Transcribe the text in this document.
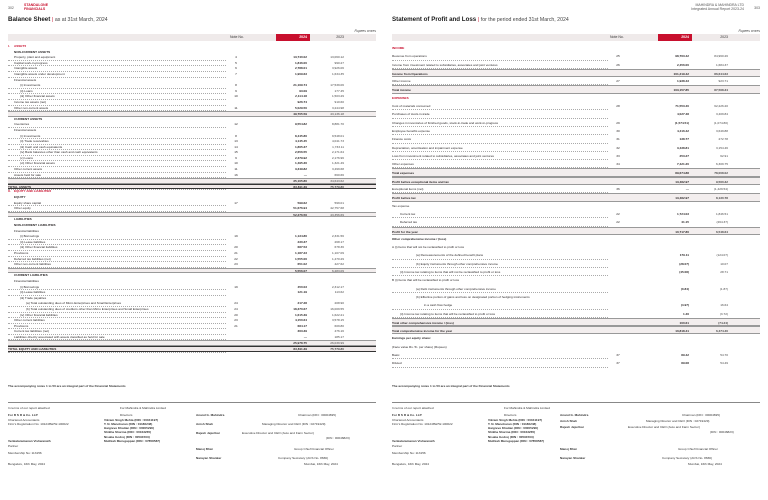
302
STANDALONE
FINANCIALS
Balance Sheet | as at 31st March, 2024
Rupees crores
Note No.	2024	2023
I.	ASSETS
NON-CURRENT ASSETS
Property, plant and equipment	4	13,740.02	13,060.12
Capital work-in-progress	5	1,846.00	990.27
Intangible assets	6	2,788.01	3,926.06
Intangible assets under development	7	1,909.63	1,634.35
Financial assets
(i) Investments	8	21,169.74	17,539.06
(ii) Loans	9	93.09	177.45
(iii) Other financial assets	10	2,114.18	1,503.29
Income tax assets (net)	926.74	910.60
Other non-current assets	11	5,029.50	3,244.98
49,705.59	43,136.18
CURRENT ASSETS
Inventories	12	9,554.82	8,881.70
Financial assets
(i) Investments	8	8,445.86	9,548.01
(ii) Trade receivables	13	4,145.45	4,041.73
(iii) Cash and cash equivalents	14	1,865.37	1,733.11
(iv) Bank balances other than cash and cash equivalents	15	2,656.55	2,171.64
(v) Loans	9	2,379.92	2,176.96
(vi) Other financial assets	10	1,495.36	1,321.49
Other current assets	11	3,349.82	3,499.68
Assets held for sale	16	—	660.66
35,105.80	34,643.62
TOTAL ASSETS	83,811.39	75,779.80
II.	EQUITY AND LIABILITIES
EQUITY
Equity share capital	17	599.62	599.01
Other equity	51,676.94	42,757.68
52,276.56	43,356.69
LIABILITIES
NON-CURRENT LIABILITIES
Financial liabilities
(i) Borrowings	19	1,134.86	2,331.56
(ii) Lease liabilities	230.37	268.17
(iii) Other financial liabilities	20	687.53	678.36
Provisions	21	1,187.23	1,107.09
Deferred tax liabilities (net)	22	1,555.06	1,470.29
Other non-current liabilities	23	651.02	427.62
5,556.07	6,283.09
CURRENT LIABILITIES
Financial liabilities
(i) Borrowings	19	450.03	2,312.17
(ii) Lease liabilities	121.19	113.62
(iii) Trade payables
(a) Total outstanding dues of Micro Enterprises and Small Enterprises	24	217.28	208.90
(b) Total outstanding dues of creditors other than Micro Enterprises and Small Enterprises	24	18,370.67	16,009.55
(iv) Other financial liabilities	20	1,615.39	1,622.21
Other current liabilities	23	4,150.64	3,578.15
Provisions	21	684.17	609.80
Current tax liabilities (net)	363.39	476.16
Liabilities directly associated with assets classified as held for sale	—	185.17
25,978.75	26,039.99
TOTAL EQUITY AND LIABILITIES	83,811.39	75,779.80
The accompanying notes 1 to 50 are an integral part of the Financial Statements
In terms of our report attached	For Mahindra & Mahindra Limited
For B S R & Co. LLP
Chartered Accountants
Firm's Registration No: 101248W/W-100022
Venkataramanan Vishwanath
Partner
Membership No: 113156
Bengaluru, 16th May, 2024
Directors
Vikram Singh Mehta (DIN : 00041197)
T. N. Manoharan (DIN : 01186248)
Haigreve Khaitan (DIN : 00005290)
Shikha Sharma (DIN : 00043265)
Nisaba Godrej (DIN : 00591503)
Muthiah Murugappan (DIN : 07858587)
Anand G. Mahindra	Chairman (DIN : 00004695)
Anish Shah	Managing Director and CEO (DIN : 02719429)
Rajesh Jejurikar	Executive Director and CEO (Auto and Farm Sector)
(DIN : 00046823)
Manoj Bhat	Group Chief Financial Officer
Narayan Shankar	Company Secretary (ACS No. 8666)
Mumbai, 16th May, 2024
MAHINDRA & MAHINDRA LTD
Integrated Annual Report 2023-24	303
Statement of Profit and Loss | for the period ended 31st March, 2024
Rupees crores
Note No.	2024	2023
INCOME
Revenue from operations	25	98,763.42	84,960.26
Income from investment related to subsidiaries, associates and joint ventures	26	2,456.00	1,684.37
Income from Operations	101,219.42	86,644.63
Other income	27	1,938.43	923.71
Total income	103,157.85	87,568.34
EXPENSES
Cost of materials consumed	28	71,553.40	62,226.20
Purchases of stock-in-trade	4,027.48	3,409.84
Changes in inventories of finished goods, stock-in-trade and work-in-progress	29	(1,574.51)	(1,074.80)
Employee benefits expense	30	4,416.42	3,649.88
Finance costs	31	138.77	272.78
Depreciation, amortisation and impairment expense	32	3,438.81	3,154.46
Loss from investment related to subsidiaries, associates and joint ventures	33	253.27	62.91
Other expenses	34	7,421.20	6,309.75
Total expenses	89,674.88	78,008.02
Profit before exceptional items and tax	13,482.97	9,560.32
Exceptional items (net)	36	—	(1,429.54)
Profit before tax	13,482.97	8,130.78
Tax expense
Current tax	22	1,724.03	1,846.51
Deferred tax	22	41.15	(264.37)
Profit for the year	10,717.80	6,548.64
Other comprehensive income / (loss)
A (i) Items that will not be reclassified to profit or loss
(a) Remeasurements of the defined benefit plans	179.11	(124.07)
(b) Equity instruments through other comprehensive income	(28.07)	10.07
(ii) Income tax relating to items that will not be reclassified to profit or loss	(45.08)	28.71
B (i) Items that will be reclassified to profit or loss
(a) Debt instruments through other comprehensive income	(0.84)	(1.87)
(b) Effective portion of gains and loss on designated portion of hedging instruments
in a cash flow hedge	(4.97)	16.64
(ii) Income tax relating to items that will be reclassified to profit or loss	1.46	(3.72)
Total other comprehensive income / (loss)	100.61	(74.24)
Total comprehensive income for the year	10,818.41	6,474.40
Earnings per equity share:
(Face value Rs. 5/- per share) (Rupees)
Basic	37	89.42	54.70
Diluted	37	89.08	54.49
The accompanying notes 1 to 50 are an integral part of the Financial Statements
In terms of our report attached	For Mahindra & Mahindra Limited
For B S R & Co. LLP
Chartered Accountants
Firm's Registration No: 101248W/W-100022
Venkataramanan Vishwanath
Partner
Membership No: 113156
Bengaluru, 16th May, 2024
Directors
Vikram Singh Mehta (DIN : 00041197)
T. N. Manoharan (DIN : 01186248)
Haigreve Khaitan (DIN : 00005290)
Shikha Sharma (DIN : 00043265)
Nisaba Godrej (DIN : 00591503)
Muthiah Murugappan (DIN : 07858587)
Anand G. Mahindra	Chairman (DIN : 00004695)
Anish Shah	Managing Director and CEO (DIN : 02719429)
Rajesh Jejurikar	Executive Director and CEO (Auto and Farm Sector)
(DIN : 00046823)
Manoj Bhat	Group Chief Financial Officer
Narayan Shankar	Company Secretary (ACS No. 8666)
Mumbai, 16th May, 2024
